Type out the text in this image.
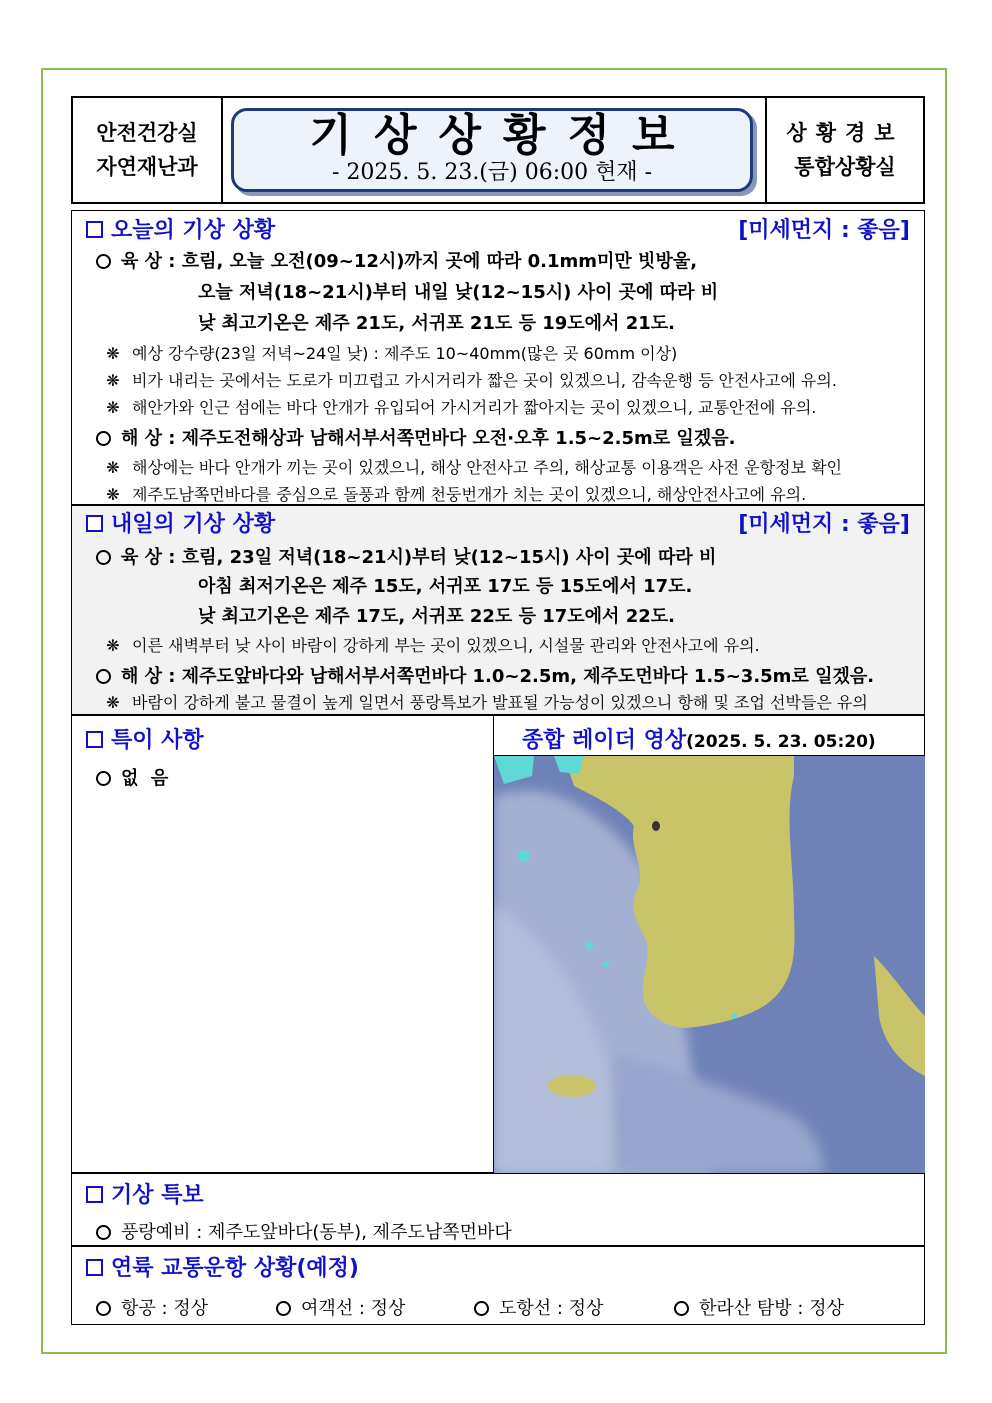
안전건강실
자연재난과
기상상황정보
- 2025. 5. 23.(금) 06:00 현재 -
상황경보
통합상황실
오늘의 기상 상황	[미세먼지 : 좋음]
육 상 : 흐림, 오늘 오전(09~12시)까지 곳에 따라 0.1mm미만 빗방울,
오늘 저녁(18~21시)부터 내일 낮(12~15시) 사이 곳에 따라 비
낮 최고기온은 제주 21도, 서귀포 21도 등 19도에서 21도.
❋ 예상 강수량(23일 저녁~24일 낮) : 제주도 10~40mm(많은 곳 60mm 이상)
❋ 비가 내리는 곳에서는 도로가 미끄럽고 가시거리가 짧은 곳이 있겠으니, 감속운행 등 안전사고에 유의.
❋ 해안가와 인근 섬에는 바다 안개가 유입되어 가시거리가 짧아지는 곳이 있겠으니, 교통안전에 유의.
해 상 : 제주도전해상과 남해서부서쪽먼바다 오전·오후 1.5~2.5m로 일겠음.
❋ 해상에는 바다 안개가 끼는 곳이 있겠으니, 해상 안전사고 주의, 해상교통 이용객은 사전 운항정보 확인
❋ 제주도남쪽먼바다를 중심으로 돌풍과 함께 천둥번개가 치는 곳이 있겠으니, 해상안전사고에 유의.
내일의 기상 상황	[미세먼지 : 좋음]
육 상 : 흐림, 23일 저녁(18~21시)부터 낮(12~15시) 사이 곳에 따라 비
아침 최저기온은 제주 15도, 서귀포 17도 등 15도에서 17도.
낮 최고기온은 제주 17도, 서귀포 22도 등 17도에서 22도.
❋ 이른 새벽부터 낮 사이 바람이 강하게 부는 곳이 있겠으니, 시설물 관리와 안전사고에 유의.
해 상 : 제주도앞바다와 남해서부서쪽먼바다 1.0~2.5m, 제주도먼바다 1.5~3.5m로 일겠음.
❋ 바람이 강하게 불고 물결이 높게 일면서 풍랑특보가 발표될 가능성이 있겠으니 항해 및 조업 선박들은 유의
특이 사항
없  음
종합 레이더 영상(2025. 5. 23. 05:20)
기상 특보
풍랑예비 : 제주도앞바다(동부), 제주도남쪽먼바다
연륙 교통운항 상황(예정)
항공 : 정상	여객선 : 정상	도항선 : 정상	한라산 탐방 : 정상
